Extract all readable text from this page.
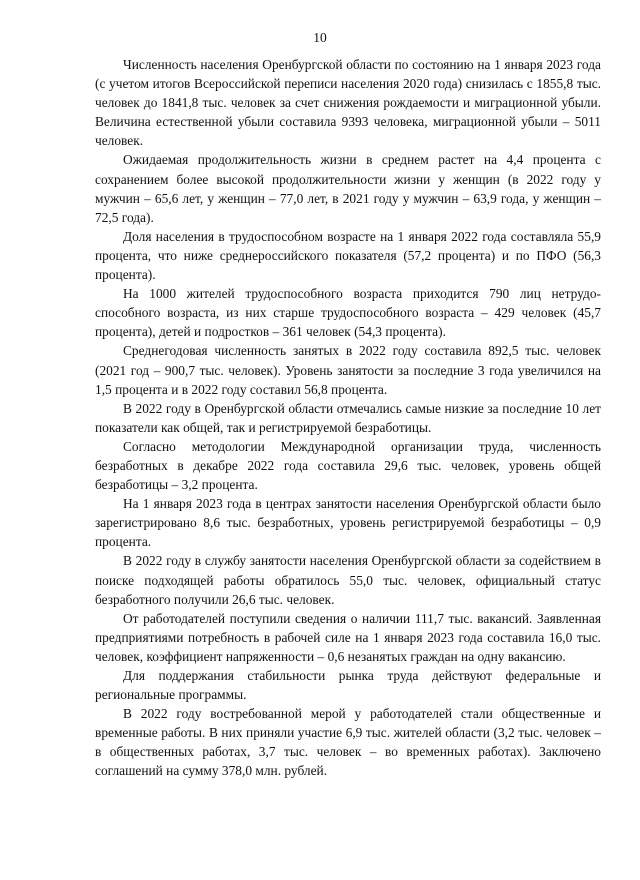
10

Численность населения Оренбургской области по состоянию на 1 января 2023 года (с учетом итогов Всероссийской переписи населения 2020 года) снизилась с 1855,8 тыс. человек до 1841,8 тыс. человек за счет снижения рождаемости и миграционной убыли. Величина естественной убыли составила 9393 человека, миграционной убыли – 5011 человек.

Ожидаемая продолжительность жизни в среднем растет на 4,4 процента с сохранением более высокой продолжительности жизни у женщин (в 2022 году у мужчин – 65,6 лет, у женщин – 77,0 лет, в 2021 году у мужчин – 63,9 года, у женщин – 72,5 года).

Доля населения в трудоспособном возрасте на 1 января 2022 года составляла 55,9 процента, что ниже среднероссийского показателя (57,2 процента) и по ПФО (56,3 процента).

На 1000 жителей трудоспособного возраста приходится 790 лиц нетрудоспособного возраста, из них старше трудоспособного возраста – 429 человек (45,7 процента), детей и подростков – 361 человек (54,3 процента).

Среднегодовая численность занятых в 2022 году составила 892,5 тыс. человек (2021 год – 900,7 тыс. человек). Уровень занятости за последние 3 года увеличился на 1,5 процента и в 2022 году составил 56,8 процента.

В 2022 году в Оренбургской области отмечались самые низкие за последние 10 лет показатели как общей, так и регистрируемой безработицы.

Согласно методологии Международной организации труда, численность безработных в декабре 2022 года составила 29,6 тыс. человек, уровень общей безработицы – 3,2 процента.

На 1 января 2023 года в центрах занятости населения Оренбургской области было зарегистрировано 8,6 тыс. безработных, уровень регистрируемой безработицы – 0,9 процента.

В 2022 году в службу занятости населения Оренбургской области за содействием в поиске подходящей работы обратилось 55,0 тыс. человек, официальный статус безработного получили 26,6 тыс. человек.

От работодателей поступили сведения о наличии 111,7 тыс. вакансий. Заявленная предприятиями потребность в рабочей силе на 1 января 2023 года составила 16,0 тыс. человек, коэффициент напряженности – 0,6 незанятых граждан на одну вакансию.

Для поддержания стабильности рынка труда действуют федеральные и региональные программы.

В 2022 году востребованной мерой у работодателей стали общественные и временные работы. В них приняли участие 6,9 тыс. жителей области (3,2 тыс. человек – в общественных работах, 3,7 тыс. человек – во временных работах). Заключено соглашений на сумму 378,0 млн. рублей.
